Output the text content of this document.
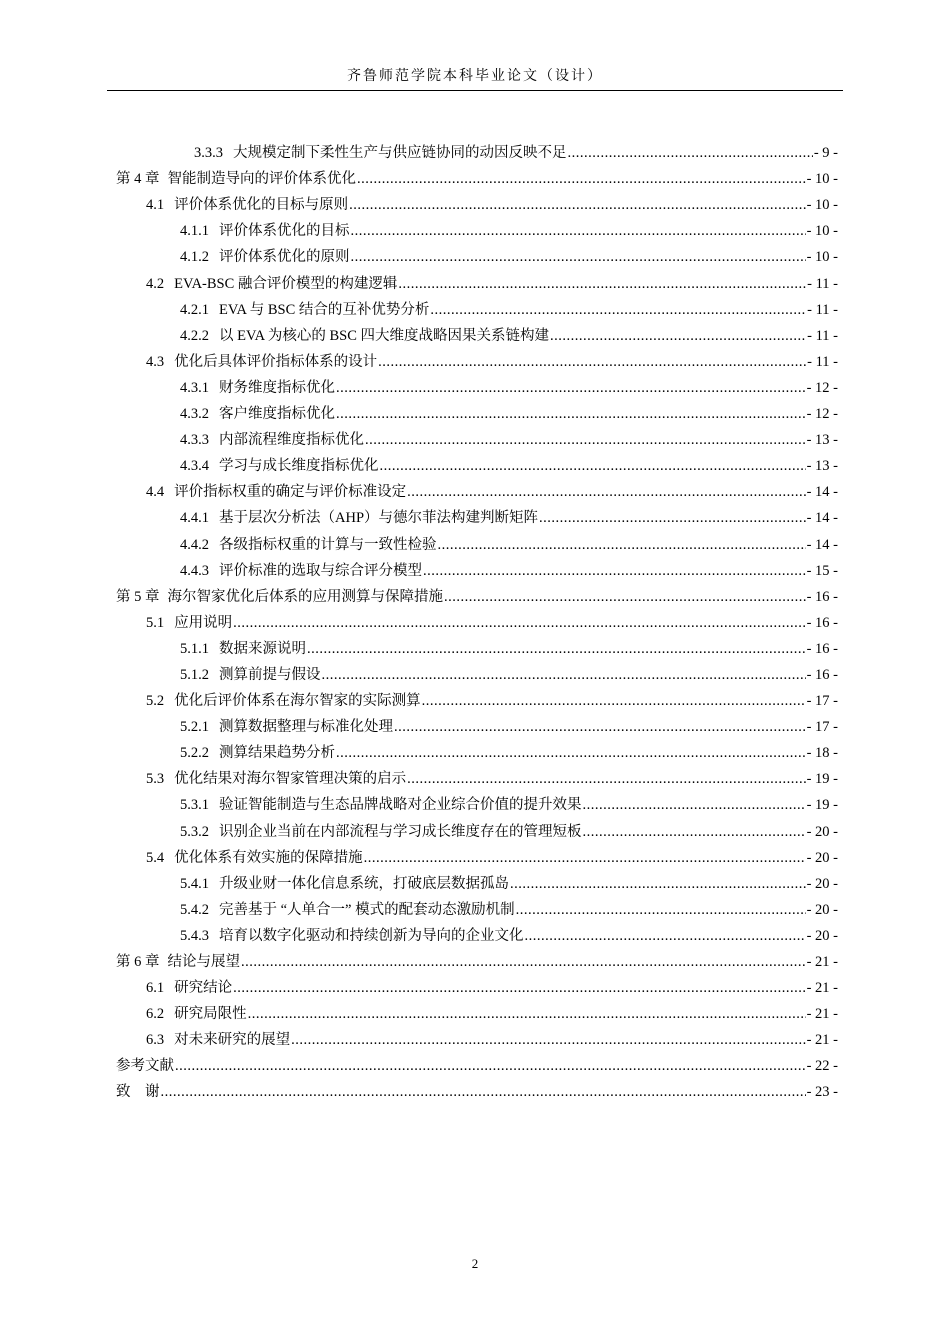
齐鲁师范学院本科毕业论文（设计）
3.3.3 大规模定制下柔性生产与供应链协同的动因反映不足 .....	- 9 -
第 4 章 智能制造导向的评价体系优化 .....	- 10 -
4.1 评价体系优化的目标与原则 .....	- 10 -
4.1.1 评价体系优化的目标 .....	- 10 -
4.1.2 评价体系优化的原则 .....	- 10 -
4.2 EVA-BSC 融合评价模型的构建逻辑 .....	- 11 -
4.2.1 EVA 与 BSC 结合的互补优势分析 .....	- 11 -
4.2.2 以 EVA 为核心的 BSC 四大维度战略因果关系链构建 .....	- 11 -
4.3 优化后具体评价指标体系的设计 .....	- 11 -
4.3.1 财务维度指标优化 .....	- 12 -
4.3.2 客户维度指标优化 .....	- 12 -
4.3.3 内部流程维度指标优化 .....	- 13 -
4.3.4 学习与成长维度指标优化 .....	- 13 -
4.4 评价指标权重的确定与评价标准设定 .....	- 14 -
4.4.1 基于层次分析法（AHP）与德尔菲法构建判断矩阵 .....	- 14 -
4.4.2 各级指标权重的计算与一致性检验 .....	- 14 -
4.4.3 评价标准的选取与综合评分模型 .....	- 15 -
第 5 章 海尔智家优化后体系的应用测算与保障措施 .....	- 16 -
5.1 应用说明 .....	- 16 -
5.1.1 数据来源说明 .....	- 16 -
5.1.2 测算前提与假设 .....	- 16 -
5.2 优化后评价体系在海尔智家的实际测算 .....	- 17 -
5.2.1 测算数据整理与标准化处理 .....	- 17 -
5.2.2 测算结果趋势分析 .....	- 18 -
5.3 优化结果对海尔智家管理决策的启示 .....	- 19 -
5.3.1 验证智能制造与生态品牌战略对企业综合价值的提升效果 .....	- 19 -
5.3.2 识别企业当前在内部流程与学习成长维度存在的管理短板 .....	- 20 -
5.4 优化体系有效实施的保障措施 .....	- 20 -
5.4.1 升级业财一体化信息系统，打破底层数据孤岛 .....	- 20 -
5.4.2 完善基于 “人单合一” 模式的配套动态激励机制 .....	- 20 -
5.4.3 培育以数字化驱动和持续创新为导向的企业文化 .....	- 20 -
第 6 章 结论与展望 .....	- 21 -
6.1 研究结论 .....	- 21 -
6.2 研究局限性 .....	- 21 -
6.3 对未来研究的展望 .....	- 21 -
参考文献 .....	- 22 -
致　谢 .....	- 23 -
2
